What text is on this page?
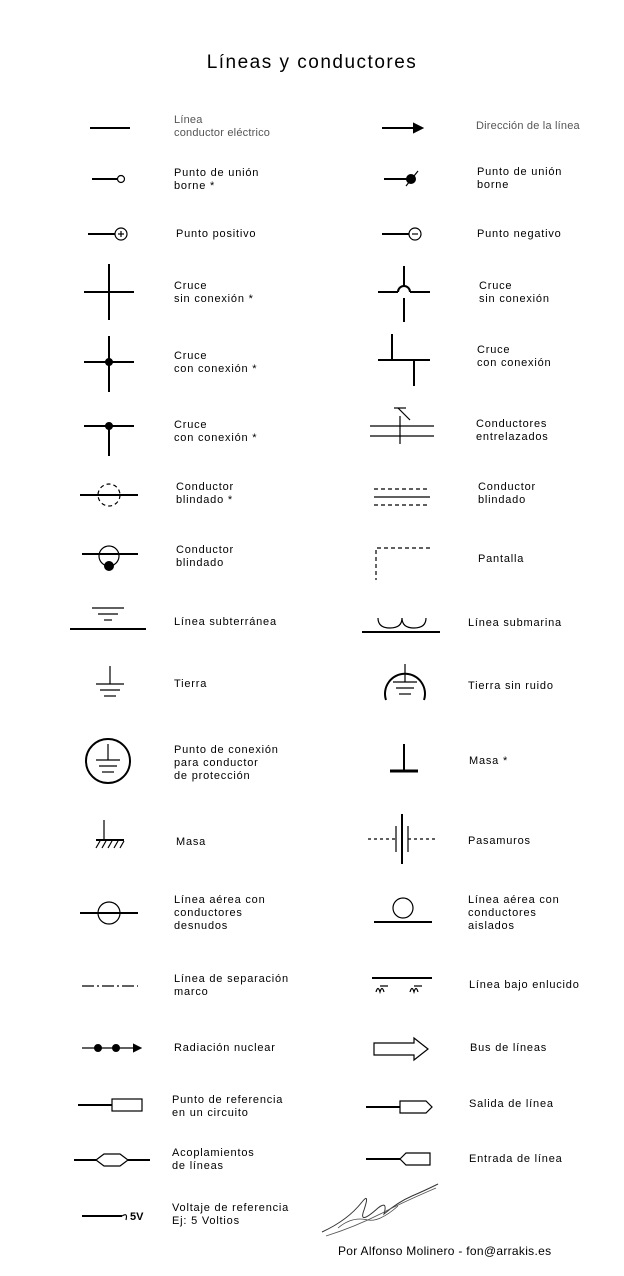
Líneas y conductores
Línea
conductor eléctrico
Punto de unión
borne *
Punto positivo
Cruce
sin conexión *
Cruce
con conexión *
Cruce
con conexión *
Conductor
blindado *
Conductor
blindado
Línea subterránea
Tierra
Punto de conexión
para conductor
de protección
Masa
Línea aérea con
conductores
desnudos
Línea de separación
marco
Radiación nuclear
Punto de referencia
en un circuito
Acoplamientos
de líneas
5V
Voltaje de referencia
Ej: 5 Voltios
Dirección de la línea
Punto de unión
borne
Punto negativo
Cruce
sin conexión
Cruce
con conexión
Conductores
entrelazados
Conductor
blindado
Pantalla
Línea submarina
Tierra sin ruido
Masa *
Pasamuros
Línea aérea con
conductores
aislados
Línea bajo enlucido
Bus de líneas
Salida de línea
Entrada de línea
Por Alfonso Molinero - fon@arrakis.es
